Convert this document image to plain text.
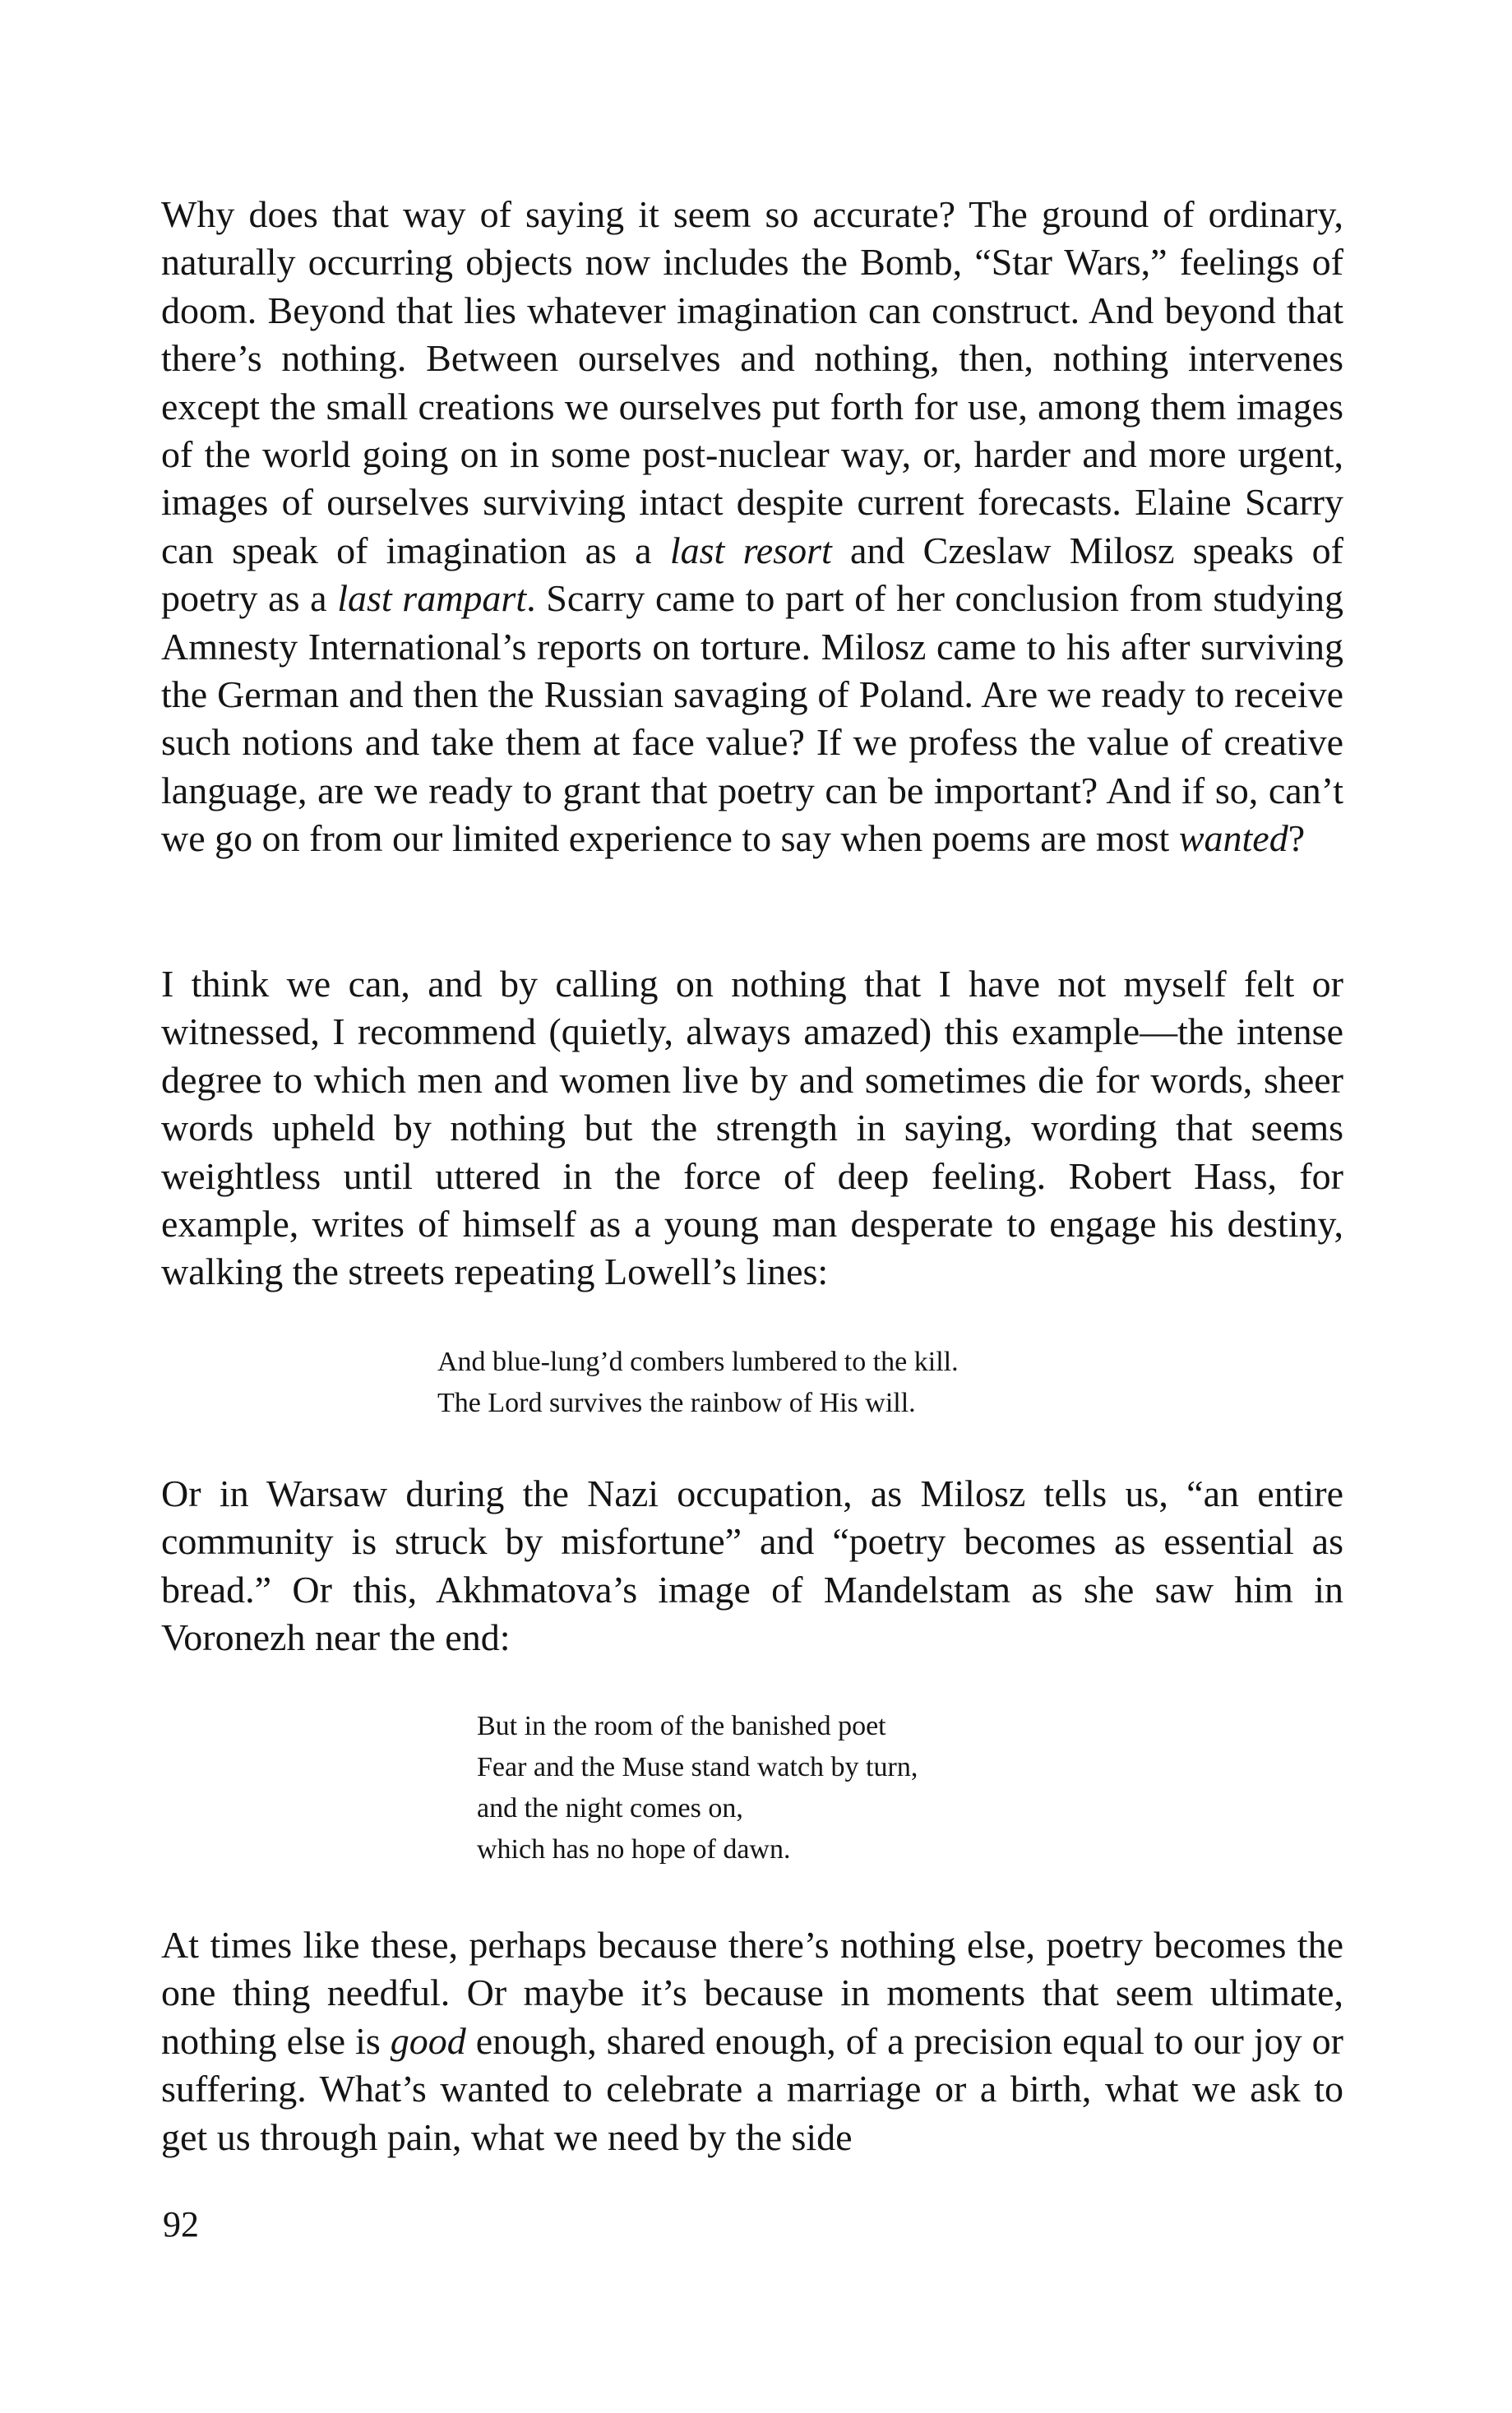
Why does that way of saying it seem so accurate? The ground of ordinary, naturally occurring objects now includes the Bomb, “Star Wars,” feelings of doom. Beyond that lies whatever imagination can construct. And beyond that there’s nothing. Between ourselves and nothing, then, nothing intervenes except the small creations we ourselves put forth for use, among them images of the world going on in some post-nuclear way, or, harder and more urgent, images of ourselves surviving intact despite current forecasts. Elaine Scarry can speak of imagination as a last resort and Czeslaw Milosz speaks of poetry as a last rampart. Scarry came to part of her conclusion from studying Amnesty International’s reports on torture. Milosz came to his after surviving the German and then the Russian savaging of Poland. Are we ready to receive such notions and take them at face value? If we profess the value of creative language, are we ready to grant that poetry can be important? And if so, can’t we go on from our limited experience to say when poems are most wanted?

I think we can, and by calling on nothing that I have not myself felt or witnessed, I recommend (quietly, always amazed) this example—the intense degree to which men and women live by and sometimes die for words, sheer words upheld by nothing but the strength in saying, wording that seems weightless until uttered in the force of deep feeling. Robert Hass, for example, writes of himself as a young man desperate to engage his destiny, walking the streets repeating Lowell’s lines:

And blue-lung’d combers lumbered to the kill.
The Lord survives the rainbow of His will.

Or in Warsaw during the Nazi occupation, as Milosz tells us, “an entire community is struck by misfortune” and “poetry becomes as essential as bread.” Or this, Akhmatova’s image of Mandelstam as she saw him in Voronezh near the end:

But in the room of the banished poet
Fear and the Muse stand watch by turn,
and the night comes on,
which has no hope of dawn.

At times like these, perhaps because there’s nothing else, poetry becomes the one thing needful. Or maybe it’s because in moments that seem ultimate, nothing else is good enough, shared enough, of a precision equal to our joy or suffering. What’s wanted to celebrate a marriage or a birth, what we ask to get us through pain, what we need by the side

92
